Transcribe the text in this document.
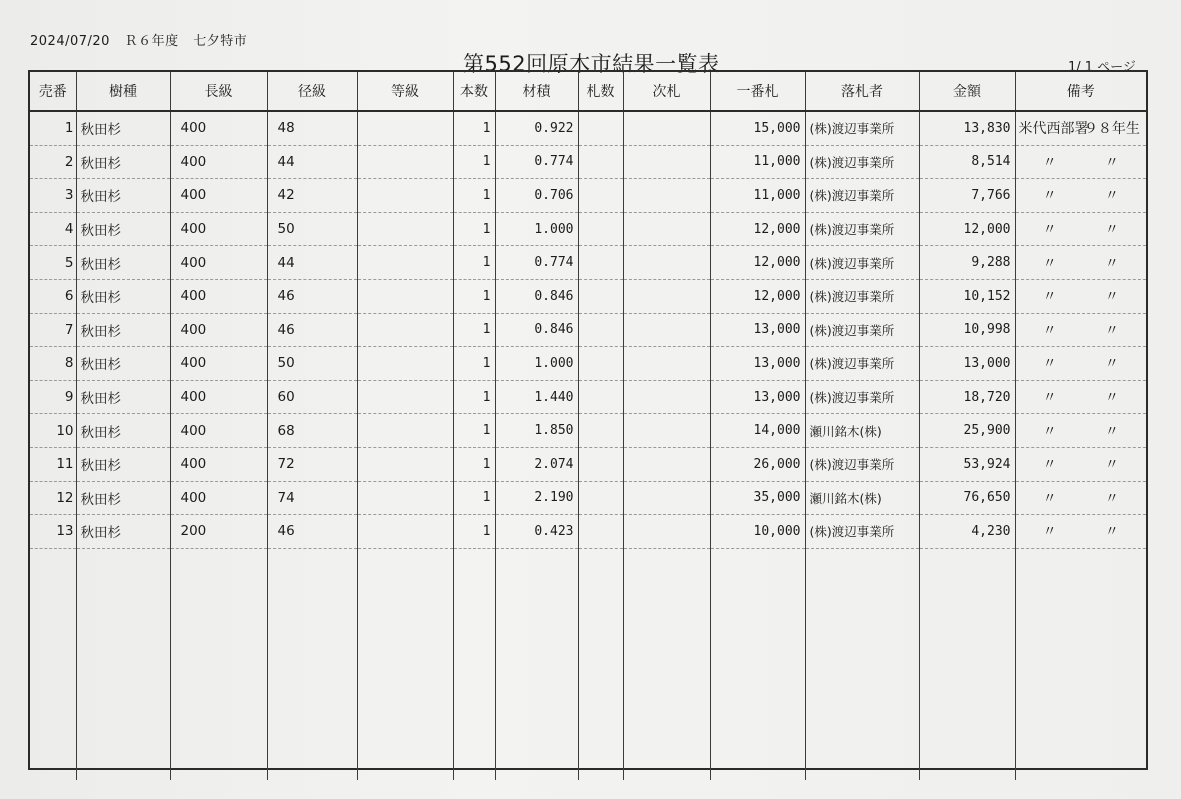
2024/07/20 Ｒ６年度 七夕特市
第552回原木市結果一覧表	1/ 1 ページ
売番	樹種	長級	径級	等級	本数	材積	札数	次札	一番札	落札者	金額	備考
1	秋田杉	400	48		1	0.922			15,000	(株)渡辺事業所	13,830	米代西部署９８年生
2	秋田杉	400	44		1	0.774			11,000	(株)渡辺事業所	8,514	〃 〃
3	秋田杉	400	42		1	0.706			11,000	(株)渡辺事業所	7,766	〃 〃
4	秋田杉	400	50		1	1.000			12,000	(株)渡辺事業所	12,000	〃 〃
5	秋田杉	400	44		1	0.774			12,000	(株)渡辺事業所	9,288	〃 〃
6	秋田杉	400	46		1	0.846			12,000	(株)渡辺事業所	10,152	〃 〃
7	秋田杉	400	46		1	0.846			13,000	(株)渡辺事業所	10,998	〃 〃
8	秋田杉	400	50		1	1.000			13,000	(株)渡辺事業所	13,000	〃 〃
9	秋田杉	400	60		1	1.440			13,000	(株)渡辺事業所	18,720	〃 〃
10	秋田杉	400	68		1	1.850			14,000	瀬川銘木(株)	25,900	〃 〃
11	秋田杉	400	72		1	2.074			26,000	(株)渡辺事業所	53,924	〃 〃
12	秋田杉	400	74		1	2.190			35,000	瀬川銘木(株)	76,650	〃 〃
13	秋田杉	200	46		1	0.423			10,000	(株)渡辺事業所	4,230	〃 〃
